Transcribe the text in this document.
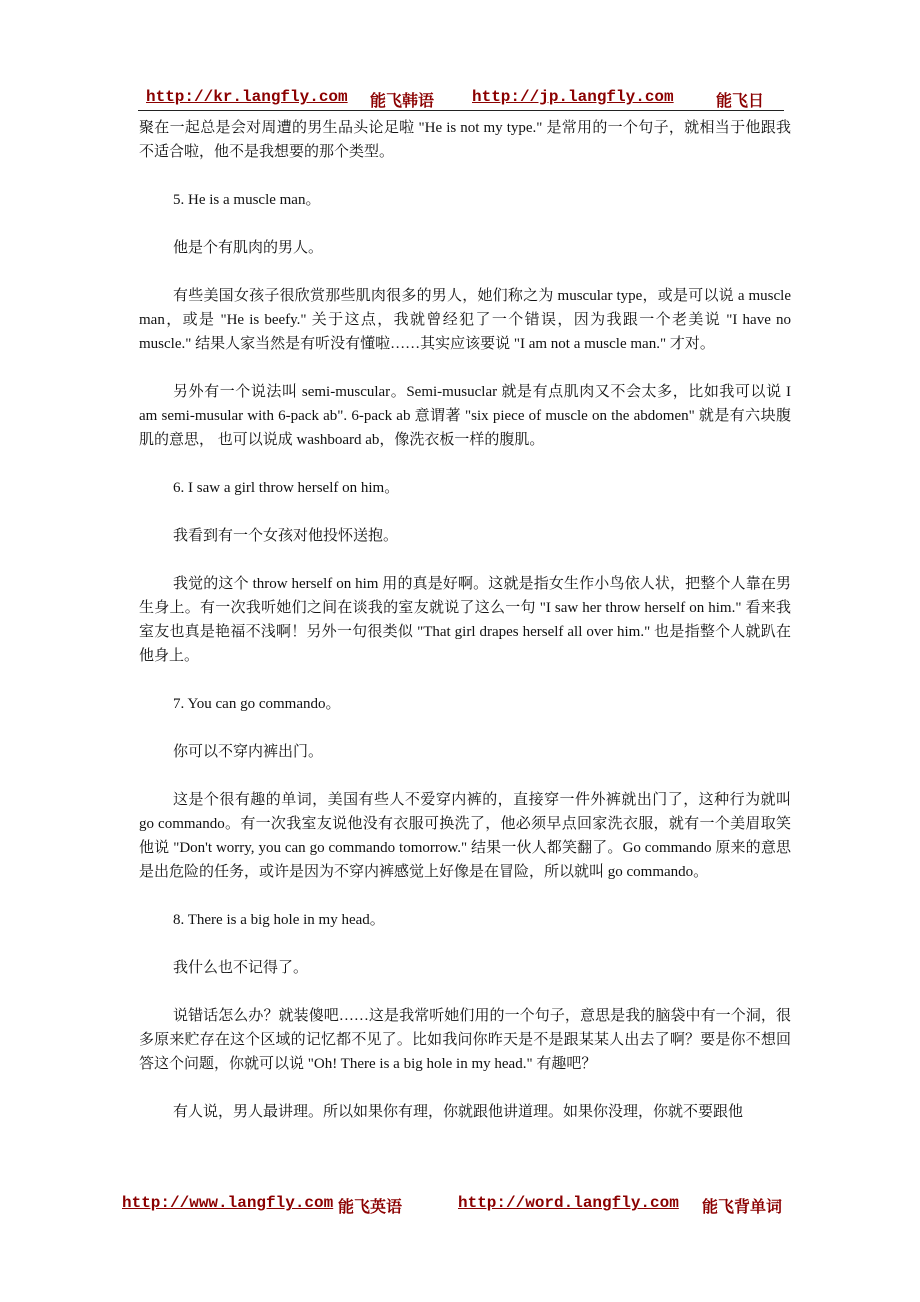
http://kr.langfly.com 能飞韩语 http://jp.langfly.com	能飞日

聚在一起总是会对周遭的男生品头论足啦 "He is not my type." 是常用的一个句子，就相当于他跟我不适合啦，他不是我想要的那个类型。

5. He is a muscle man。

他是个有肌肉的男人。

有些美国女孩子很欣赏那些肌肉很多的男人，她们称之为 muscular type，或是可以说 a muscle man，或是 "He is beefy." 关于这点，我就曾经犯了一个错误，因为我跟一个老美说 "I have no muscle." 结果人家当然是有听没有懂啦……其实应该要说 "I am not a muscle man." 才对。

另外有一个说法叫 semi-muscular。Semi-musuclar 就是有点肌肉又不会太多，比如我可以说 I am semi-musular with 6-pack ab". 6-pack ab 意谓著 "six piece of muscle on the abdomen" 就是有六块腹肌的意思， 也可以说成 washboard ab，像洗衣板一样的腹肌。

6. I saw a girl throw herself on him。

我看到有一个女孩对他投怀送抱。

我觉的这个 throw herself on him 用的真是好啊。这就是指女生作小鸟依人状，把整个人靠在男生身上。有一次我听她们之间在谈我的室友就说了这么一句 "I saw her throw herself on him." 看来我室友也真是艳福不浅啊！另外一句很类似 "That girl drapes herself all over him." 也是指整个人就趴在他身上。

7. You can go commando。

你可以不穿内裤出门。

这是个很有趣的单词，美国有些人不爱穿内裤的，直接穿一件外裤就出门了，这种行为就叫 go commando。有一次我室友说他没有衣服可换洗了，他必须早点回家洗衣服，就有一个美眉取笑他说 "Don't worry, you can go commando tomorrow." 结果一伙人都笑翻了。Go commando 原来的意思是出危险的任务，或许是因为不穿内裤感觉上好像是在冒险，所以就叫 go commando。

8. There is a big hole in my head。

我什么也不记得了。

说错话怎么办？就装傻吧……这是我常听她们用的一个句子，意思是我的脑袋中有一个洞，很多原来贮存在这个区域的记忆都不见了。比如我问你昨天是不是跟某某人出去了啊？要是你不想回答这个问题，你就可以说 "Oh! There is a big hole in my head." 有趣吧？

有人说，男人最讲理。所以如果你有理，你就跟他讲道理。如果你没理，你就不要跟他

http://www.langfly.com 能飞英语	http://word.langfly.com 能飞背单词
